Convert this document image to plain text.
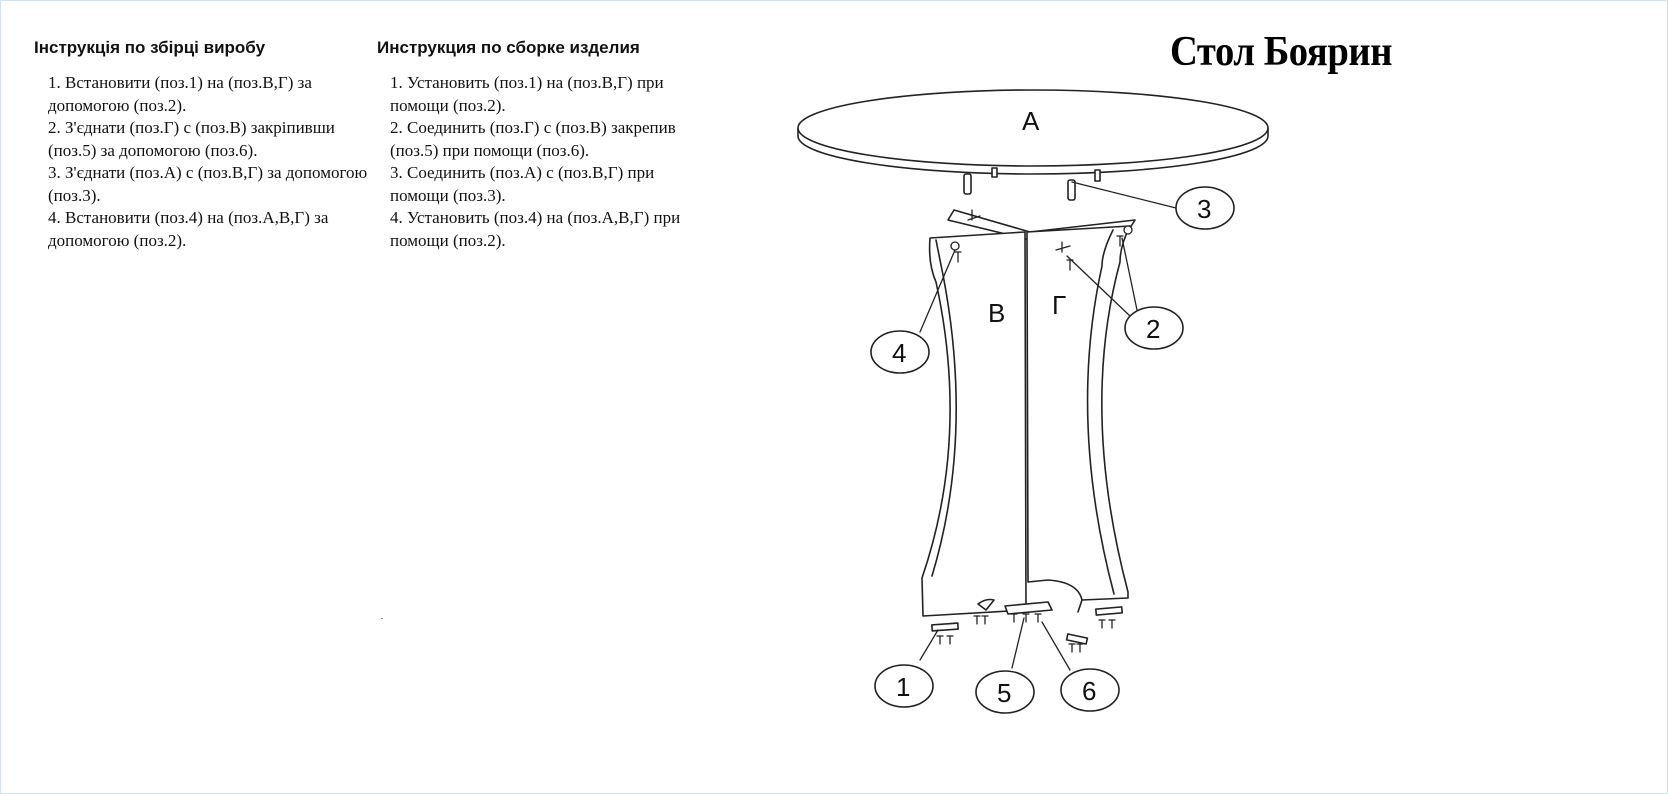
Інструкція по збірці виробу
1. Встановити (поз.1) на (поз.В,Г) за допомогою (поз.2).
2. З'єднати (поз.Г) с (поз.В) закріпивши (поз.5) за допомогою (поз.6).
3. З'єднати (поз.А) с (поз.В,Г) за допомогою (поз.3).
4. Встановити (поз.4) на (поз.А,В,Г) за допомогою (поз.2).
Инструкция по сборке изделия
1. Установить (поз.1) на (поз.В,Г) при помощи (поз.2).
2. Соединить (поз.Г) с (поз.В) закрепив (поз.5) при помощи (поз.6).
3. Соединить (поз.А) с (поз.В,Г) при помощи (поз.3).
4. Установить (поз.4) на (поз.А,В,Г) при помощи (поз.2).
Стол Боярин
А
В Г
1
2
3
4
5	6
